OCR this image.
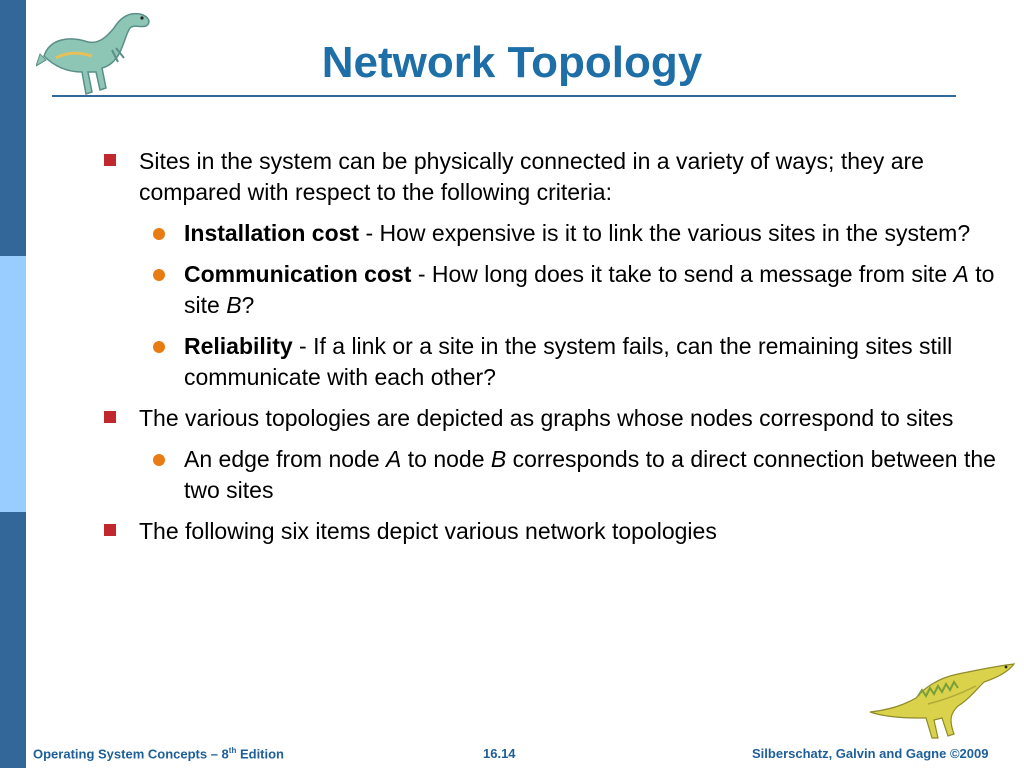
Network Topology
Sites in the system can be physically connected in a variety of ways; they are compared with respect to the following criteria:
Installation cost - How expensive is it to link the various sites in the system?
Communication cost - How long does it take to send a message from site A to site B?
Reliability - If a link or a site in the system fails, can the remaining sites still communicate with each other?
The various topologies are depicted as graphs whose nodes correspond to sites
An edge from node A to node B corresponds to a direct connection between the two sites
The following six items depict various network topologies
Operating System Concepts – 8th Edition	16.14	Silberschatz, Galvin and Gagne ©2009
